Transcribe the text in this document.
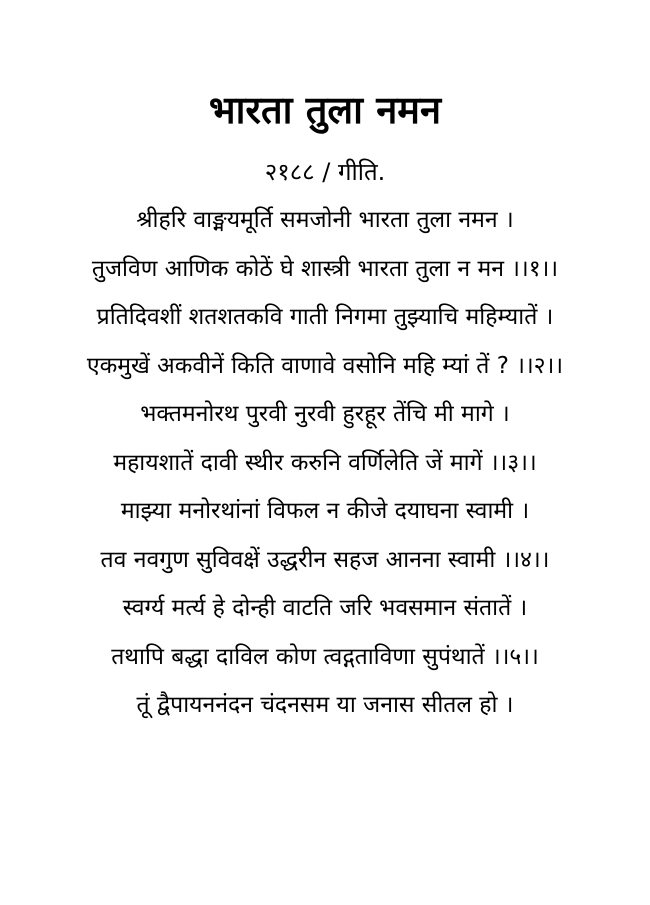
भारता तुला नमन
२१८८ / गीति.
श्रीहरि वाङ्मयमूर्ति समजोनी भारता तुला नमन ।
तुजविण आणिक कोठें घे शास्त्री भारता तुला न मन ।।१।।
प्रतिदिवशीं शतशतकवि गाती निगमा तुझ्याचि महिम्यातें ।
एकमुखें अकवीनें किति वाणावे वसोनि महि म्यां तें ? ।।२।।
भक्तमनोरथ पुरवी नुरवी हुरहूर तेंचि मी मागे ।
महायशातें दावी स्थीर करुनि वर्णिलेति जें मागें ।।३।।
माझ्या मनोरथांनां विफल न कीजे दयाघना स्वामी ।
तव नवगुण सुविवक्षें उद्धरीन सहज आनना स्वामी ।।४।।
स्वर्ग्य मर्त्य हे दोन्ही वाटति जरि भवसमान संतातें ।
तथापि बद्धा दाविल कोण त्वद्गताविणा सुपंथातें ।।५।।
तूं द्वैपायननंदन चंदनसम या जनास सीतल हो ।
